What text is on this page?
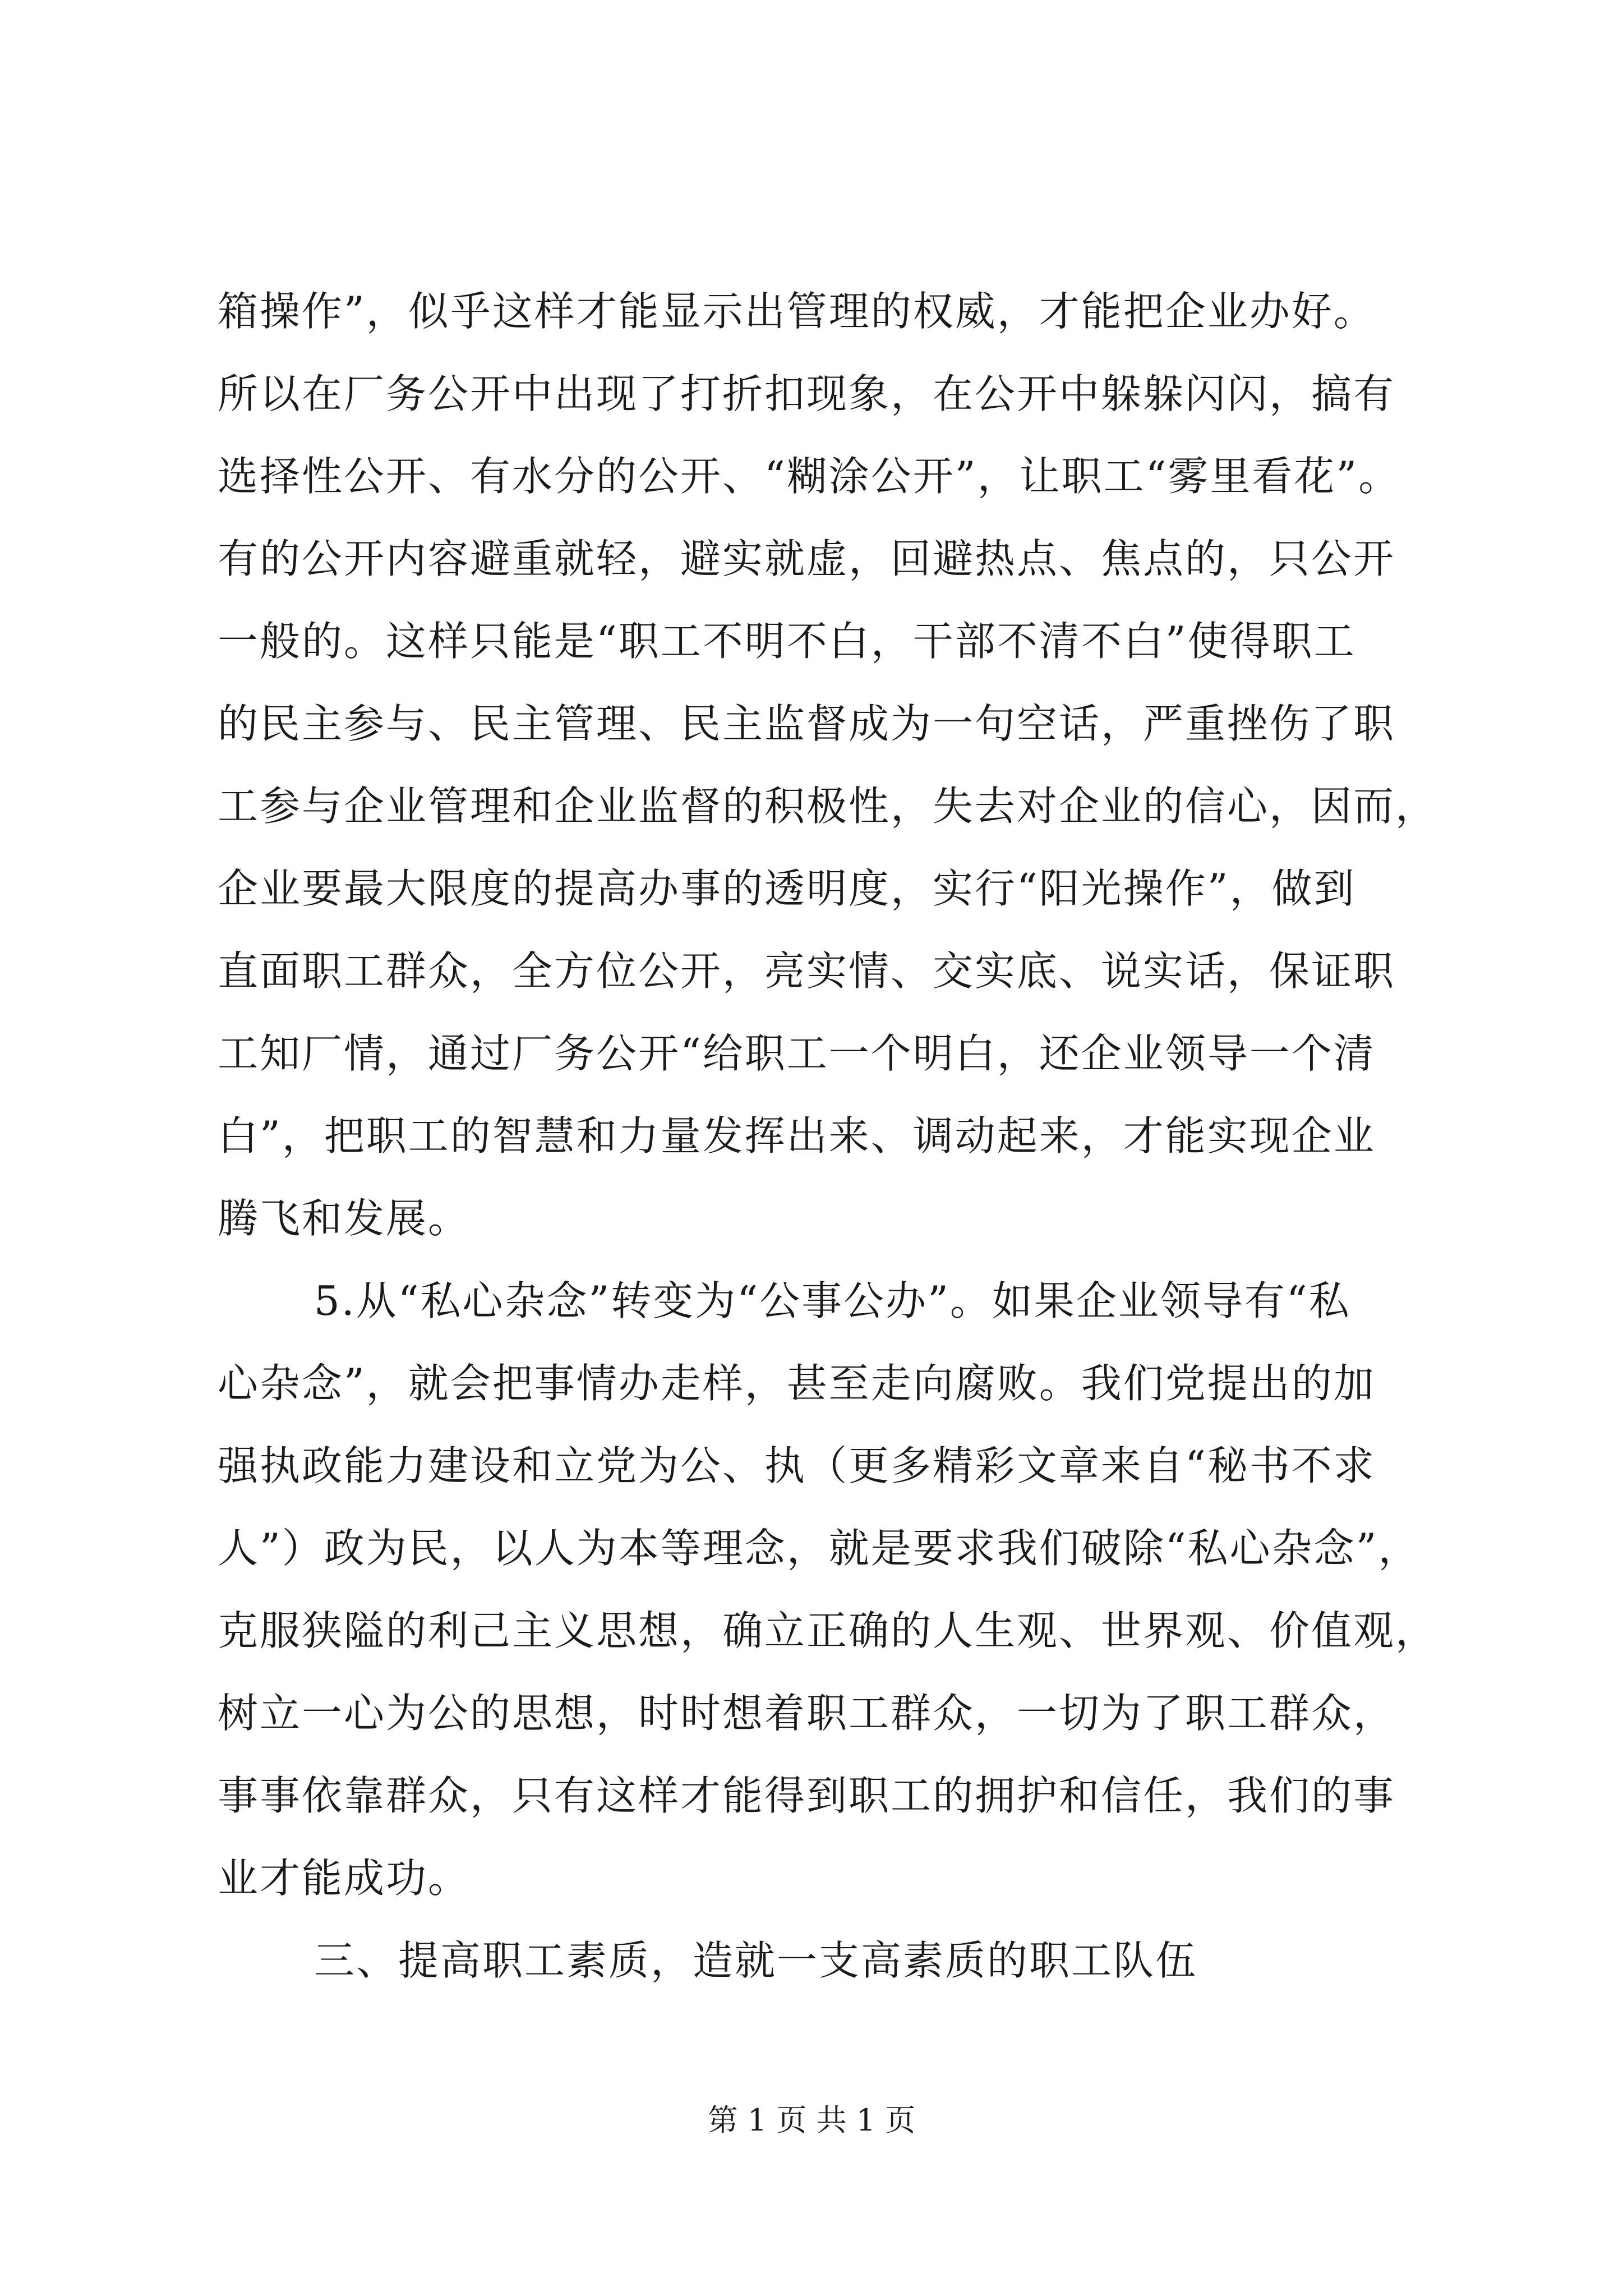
箱操作”，似乎这样才能显示出管理的权威，才能把企业办好。
所以在厂务公开中出现了打折扣现象，在公开中躲躲闪闪，搞有
选择性公开、有水分的公开、“糊涂公开”，让职工“雾里看花”。
有的公开内容避重就轻，避实就虚，回避热点、焦点的，只公开
一般的。这样只能是“职工不明不白，干部不清不白”使得职工
的民主参与、民主管理、民主监督成为一句空话，严重挫伤了职
工参与企业管理和企业监督的积极性，失去对企业的信心，因而，
企业要最大限度的提高办事的透明度，实行“阳光操作”，做到
直面职工群众，全方位公开，亮实情、交实底、说实话，保证职
工知厂情，通过厂务公开“给职工一个明白，还企业领导一个清
白”，把职工的智慧和力量发挥出来、调动起来，才能实现企业
腾飞和发展。
5.从“私心杂念”转变为“公事公办”。如果企业领导有“私
心杂念”，就会把事情办走样，甚至走向腐败。我们党提出的加
强执政能力建设和立党为公、执（更多精彩文章来自“秘书不求
人”）政为民，以人为本等理念，就是要求我们破除“私心杂念”，
克服狭隘的利己主义思想，确立正确的人生观、世界观、价值观，
树立一心为公的思想，时时想着职工群众，一切为了职工群众，
事事依靠群众，只有这样才能得到职工的拥护和信任，我们的事
业才能成功。
三、提高职工素质，造就一支高素质的职工队伍
第 1 页 共 1 页
